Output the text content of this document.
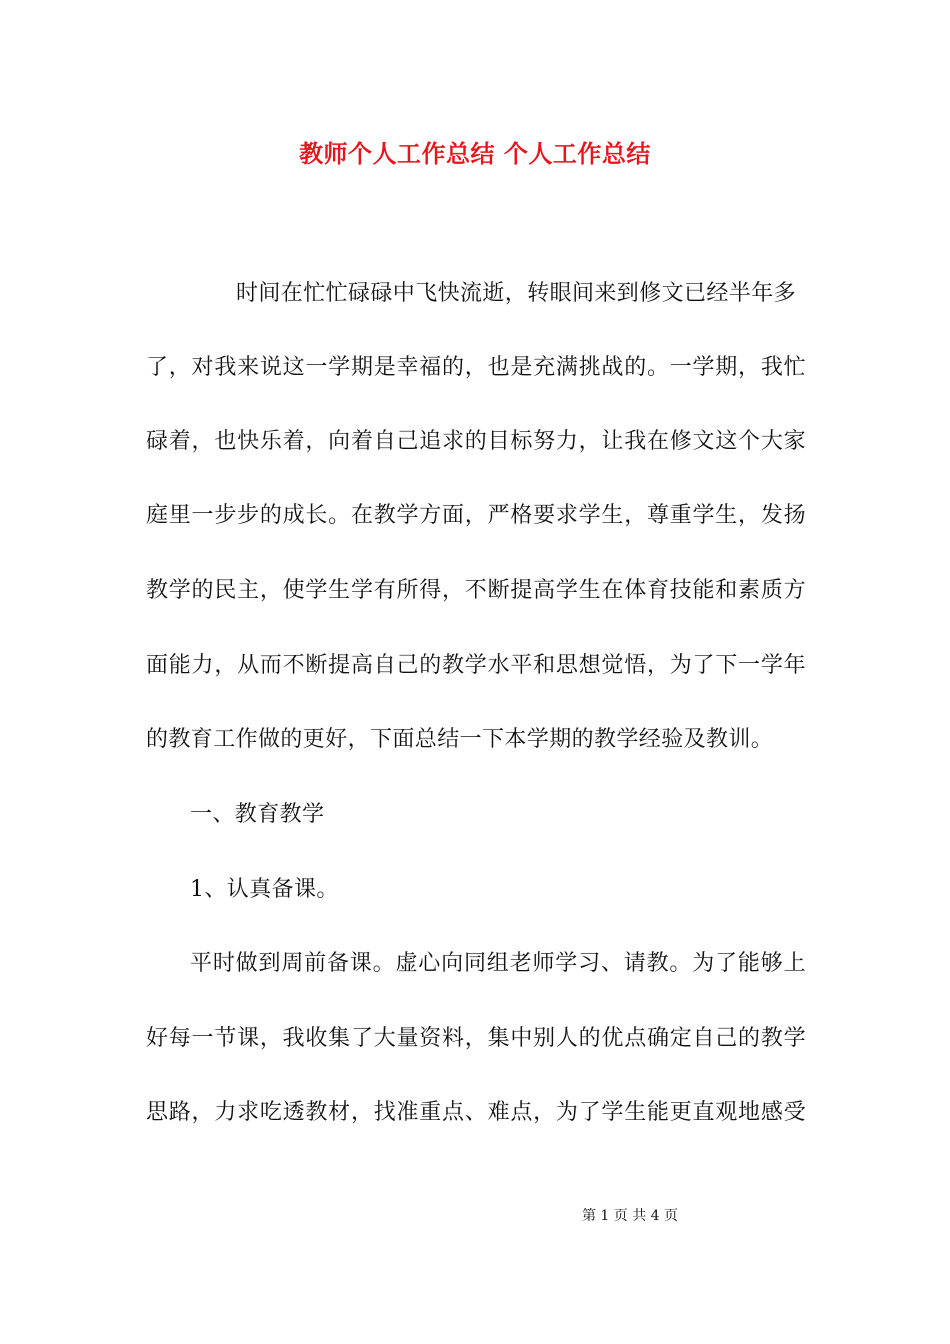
教师个人工作总结 个人工作总结
时间在忙忙碌碌中飞快流逝，转眼间来到修文已经半年多
了，对我来说这一学期是幸福的，也是充满挑战的。一学期，我忙
碌着，也快乐着，向着自己追求的目标努力，让我在修文这个大家
庭里一步步的成长。在教学方面，严格要求学生，尊重学生，发扬
教学的民主，使学生学有所得，不断提高学生在体育技能和素质方
面能力，从而不断提高自己的教学水平和思想觉悟，为了下一学年
的教育工作做的更好，下面总结一下本学期的教学经验及教训。
一、教育教学
1、认真备课。
平时做到周前备课。虚心向同组老师学习、请教。为了能够上
好每一节课，我收集了大量资料，集中别人的优点确定自己的教学
思路，力求吃透教材，找准重点、难点，为了学生能更直观地感受
第 1 页 共 4 页
